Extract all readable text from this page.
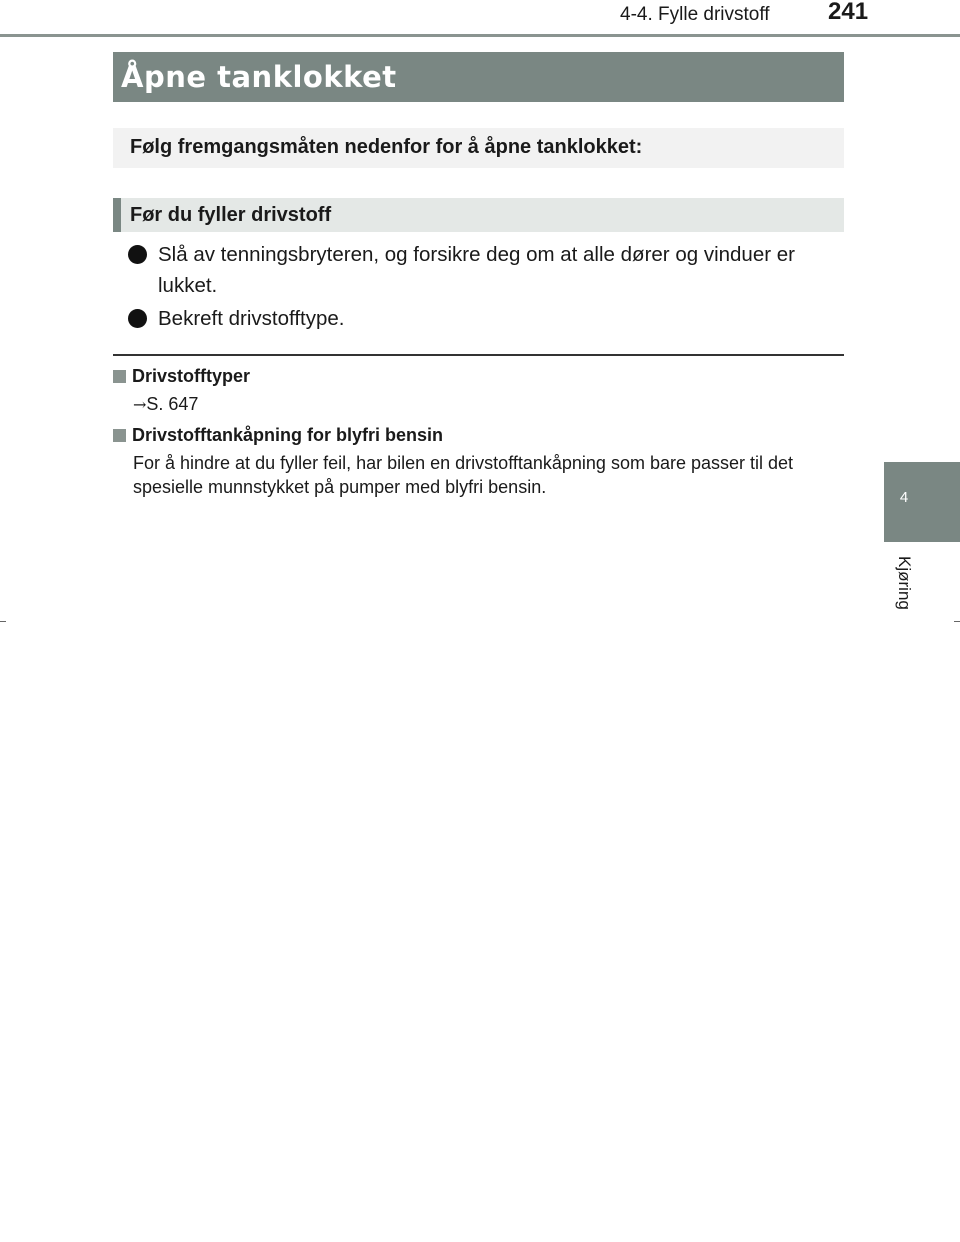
4-4. Fylle drivstoff 241
4
Kjøring
Åpne tanklokket
Følg fremgangsmåten nedenfor for å åpne tanklokket:
Før du fyller drivstoff
Slå av tenningsbryteren, og forsikre deg om at alle dører og vinduer er lukket.
Bekreft drivstofftype.
Drivstofftyper
→S. 647
Drivstofftankåpning for blyfri bensin
For å hindre at du fyller feil, har bilen en drivstofftankåpning som bare passer til det spesielle munnstykket på pumper med blyfri bensin.
